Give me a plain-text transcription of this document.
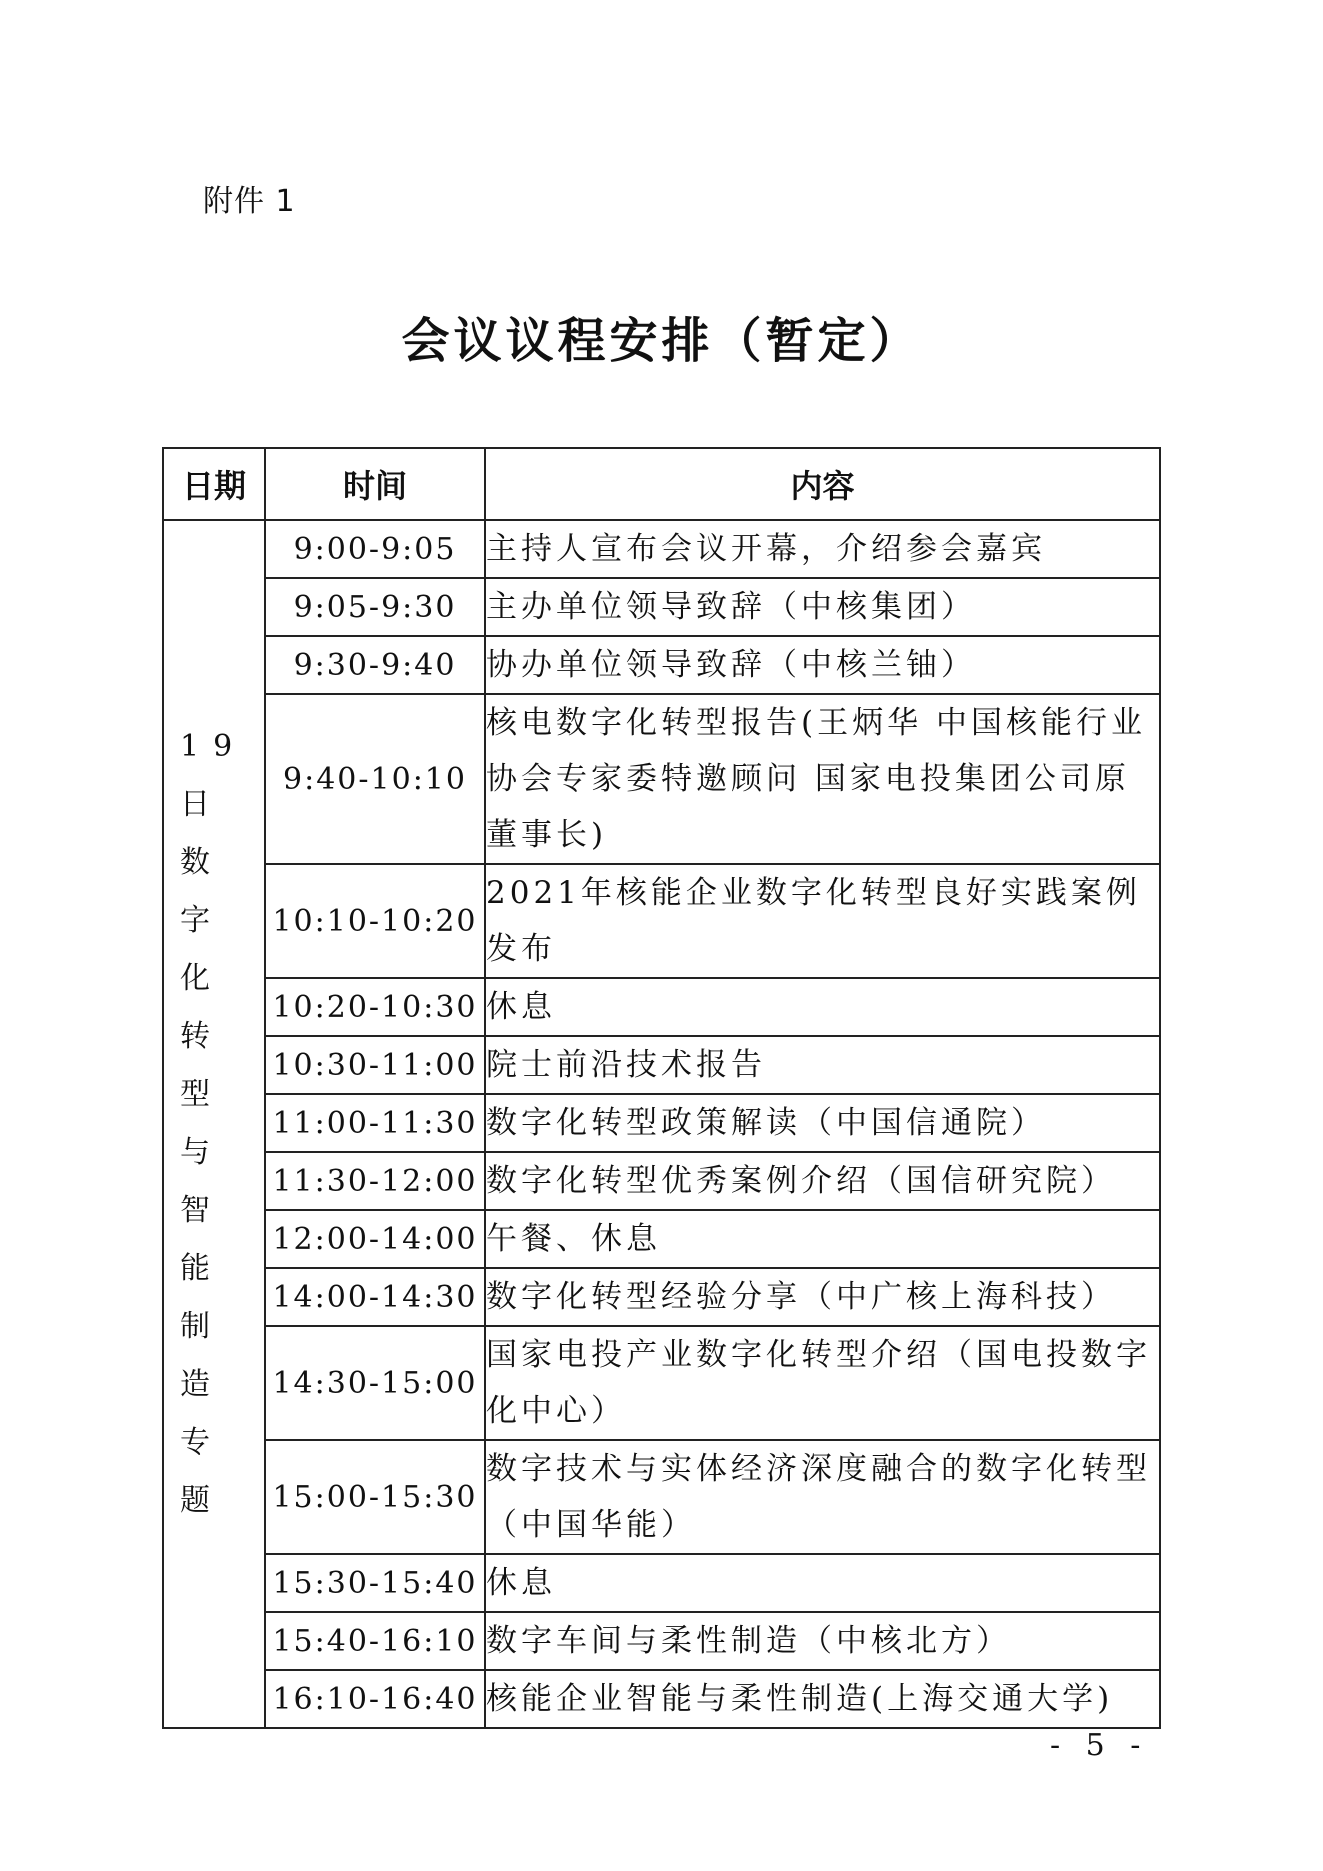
附件 1
会议议程安排（暂定）
日期	时间	内容
19日数字化转型与智能制造专题	9:00-9:05	主持人宣布会议开幕，介绍参会嘉宾
	9:05-9:30	主办单位领导致辞（中核集团）
	9:30-9:40	协办单位领导致辞（中核兰铀）
	9:40-10:10	核电数字化转型报告(王炳华 中国核能行业协会专家委特邀顾问 国家电投集团公司原董事长)
	10:10-10:20	2021年核能企业数字化转型良好实践案例发布
	10:20-10:30	休息
	10:30-11:00	院士前沿技术报告
	11:00-11:30	数字化转型政策解读（中国信通院）
	11:30-12:00	数字化转型优秀案例介绍（国信研究院）
	12:00-14:00	午餐、休息
	14:00-14:30	数字化转型经验分享（中广核上海科技）
	14:30-15:00	国家电投产业数字化转型介绍（国电投数字化中心）
	15:00-15:30	数字技术与实体经济深度融合的数字化转型（中国华能）
	15:30-15:40	休息
	15:40-16:10	数字车间与柔性制造（中核北方）
	16:10-16:40	核能企业智能与柔性制造(上海交通大学)
- 5 -
